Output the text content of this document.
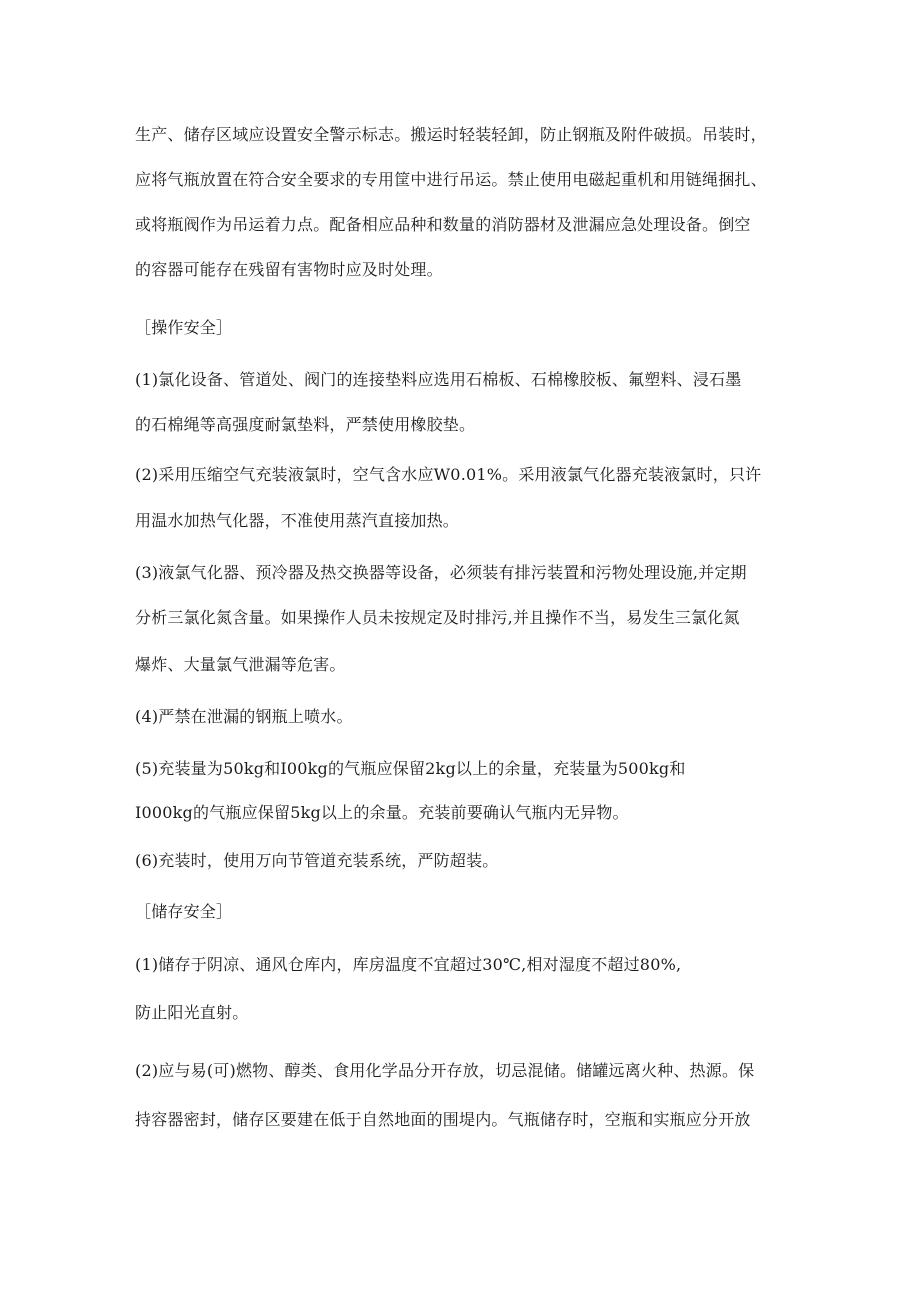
生产、储存区域应设置安全警示标志。搬运时轻装轻卸，防止钢瓶及附件破损。吊装时，
应将气瓶放置在符合安全要求的专用筐中进行吊运。禁止使用电磁起重机和用链绳捆扎、
或将瓶阀作为吊运着力点。配备相应品种和数量的消防器材及泄漏应急处理设备。倒空
的容器可能存在残留有害物时应及时处理。
［操作安全］
(1)氯化设备、管道处、阀门的连接垫料应选用石棉板、石棉橡胶板、氟塑料、浸石墨
的石棉绳等高强度耐氯垫料，严禁使用橡胶垫。
(2)采用压缩空气充装液氯时，空气含水应W0.01%。采用液氯气化器充装液氯时，只许
用温水加热气化器，不准使用蒸汽直接加热。
(3)液氯气化器、预冷器及热交换器等设备，必须装有排污装置和污物处理设施,并定期
分析三氯化氮含量。如果操作人员未按规定及时排污,并且操作不当，易发生三氯化氮
爆炸、大量氯气泄漏等危害。
(4)严禁在泄漏的钢瓶上喷水。
(5)充装量为50kg和I00kg的气瓶应保留2kg以上的余量，充装量为500kg和
I000kg的气瓶应保留5kg以上的余量。充装前要确认气瓶内无异物。
(6)充装时，使用万向节管道充装系统，严防超装。
［储存安全］
(1)储存于阴凉、通风仓库内，库房温度不宜超过30℃,相对湿度不超过80%,
防止阳光直射。
(2)应与易(可)燃物、醇类、食用化学品分开存放，切忌混储。储罐远离火种、热源。保
持容器密封，储存区要建在低于自然地面的围堤内。气瓶储存时，空瓶和实瓶应分开放
